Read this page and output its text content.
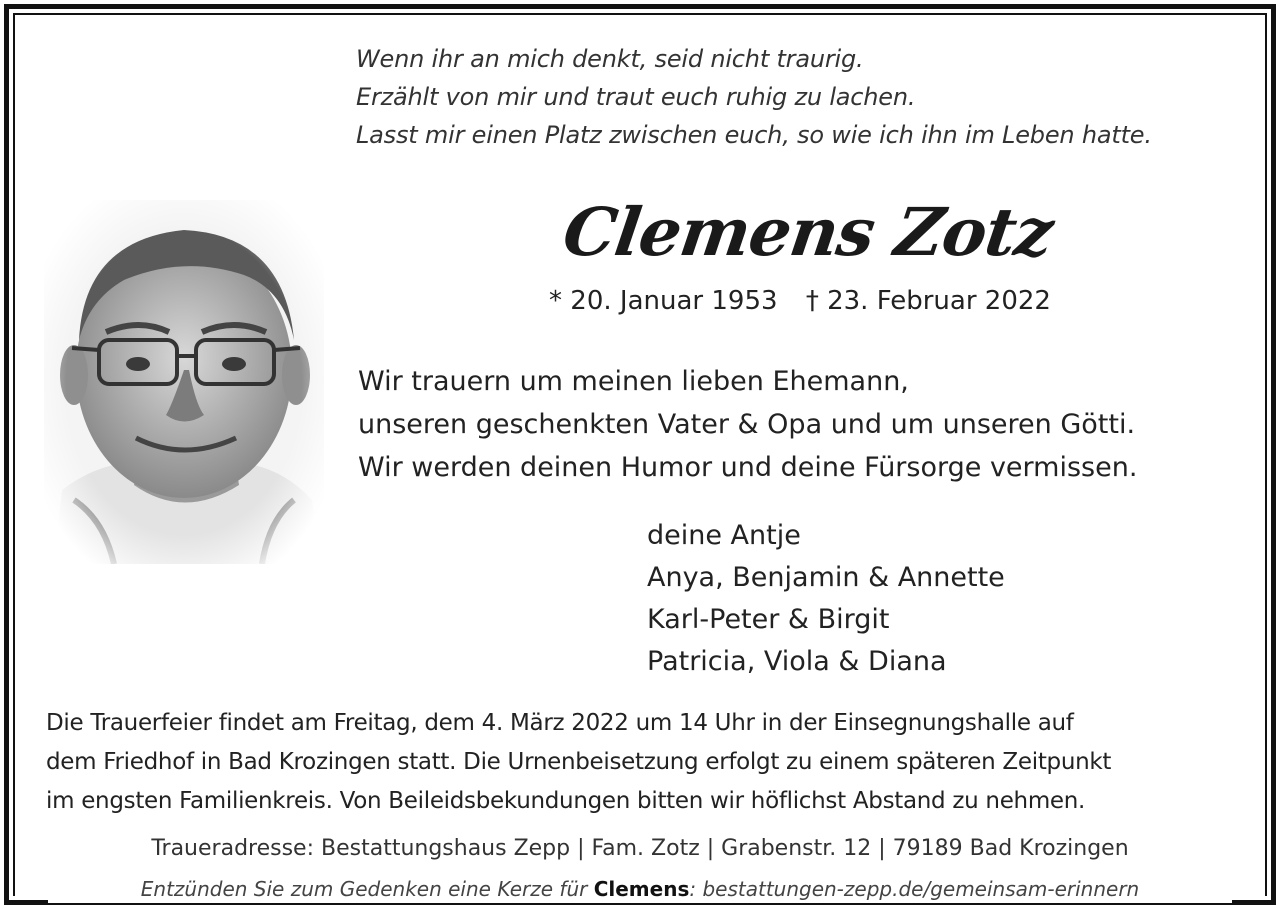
Wenn ihr an mich denkt, seid nicht traurig.
Erzählt von mir und traut euch ruhig zu lachen.
Lasst mir einen Platz zwischen euch, so wie ich ihn im Leben hatte.
Clemens Zotz
* 20. Januar 1953 † 23. Februar 2022
Wir trauern um meinen lieben Ehemann,
unseren geschenkten Vater & Opa und um unseren Götti.
Wir werden deinen Humor und deine Fürsorge vermissen.
deine Antje
Anya, Benjamin & Annette
Karl-Peter & Birgit
Patricia, Viola & Diana
Die Trauerfeier findet am Freitag, dem 4. März 2022 um 14 Uhr in der Einsegnungshalle auf
dem Friedhof in Bad Krozingen statt. Die Urnenbeisetzung erfolgt zu einem späteren Zeitpunkt
im engsten Familienkreis. Von Beileidsbekundungen bitten wir höflichst Abstand zu nehmen.
Traueradresse: Bestattungshaus Zepp | Fam. Zotz | Grabenstr. 12 | 79189 Bad Krozingen
Entzünden Sie zum Gedenken eine Kerze für Clemens: bestattungen-zepp.de/gemeinsam-erinnern
